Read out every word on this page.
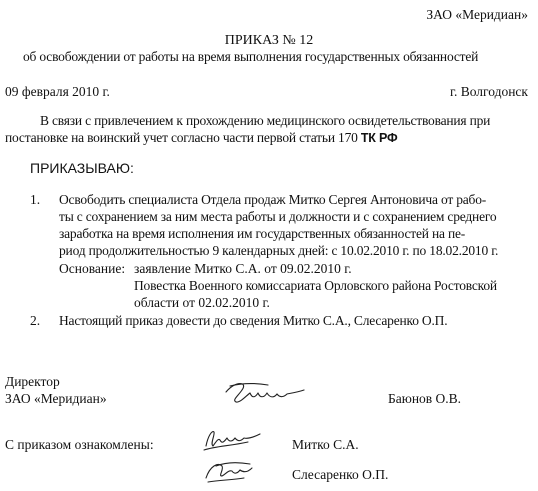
ЗАО «Меридиан»
ПРИКАЗ № 12
об освобождении от работы на время выполнения государственных обязанностей
09 февраля 2010 г.	г. Волгодонск
В связи с привлечением к прохождению медицинского освидетельствования при
постановке на воинский учет согласно части первой статьи 170 ТК РФ
ПРИКАЗЫВАЮ:
1. Освободить специалиста Отдела продаж Митко Сергея Антоновича от рабо-
ты с сохранением за ним места работы и должности и с сохранением среднего
заработка на время исполнения им государственных обязанностей на пе-
риод продолжительностью 9 календарных дней: с 10.02.2010 г. по 18.02.2010 г.
Основание: заявление Митко С.А. от 09.02.2010 г.
Повестка Военного комиссариата Орловского района Ростовской
области от 02.02.2010 г.
2. Настоящий приказ довести до сведения Митко С.А., Слесаренко О.П.
Директор
ЗАО «Меридиан»	Баюнов О.В.
С приказом ознакомлены:	Митко С.А.
Слесаренко О.П.
